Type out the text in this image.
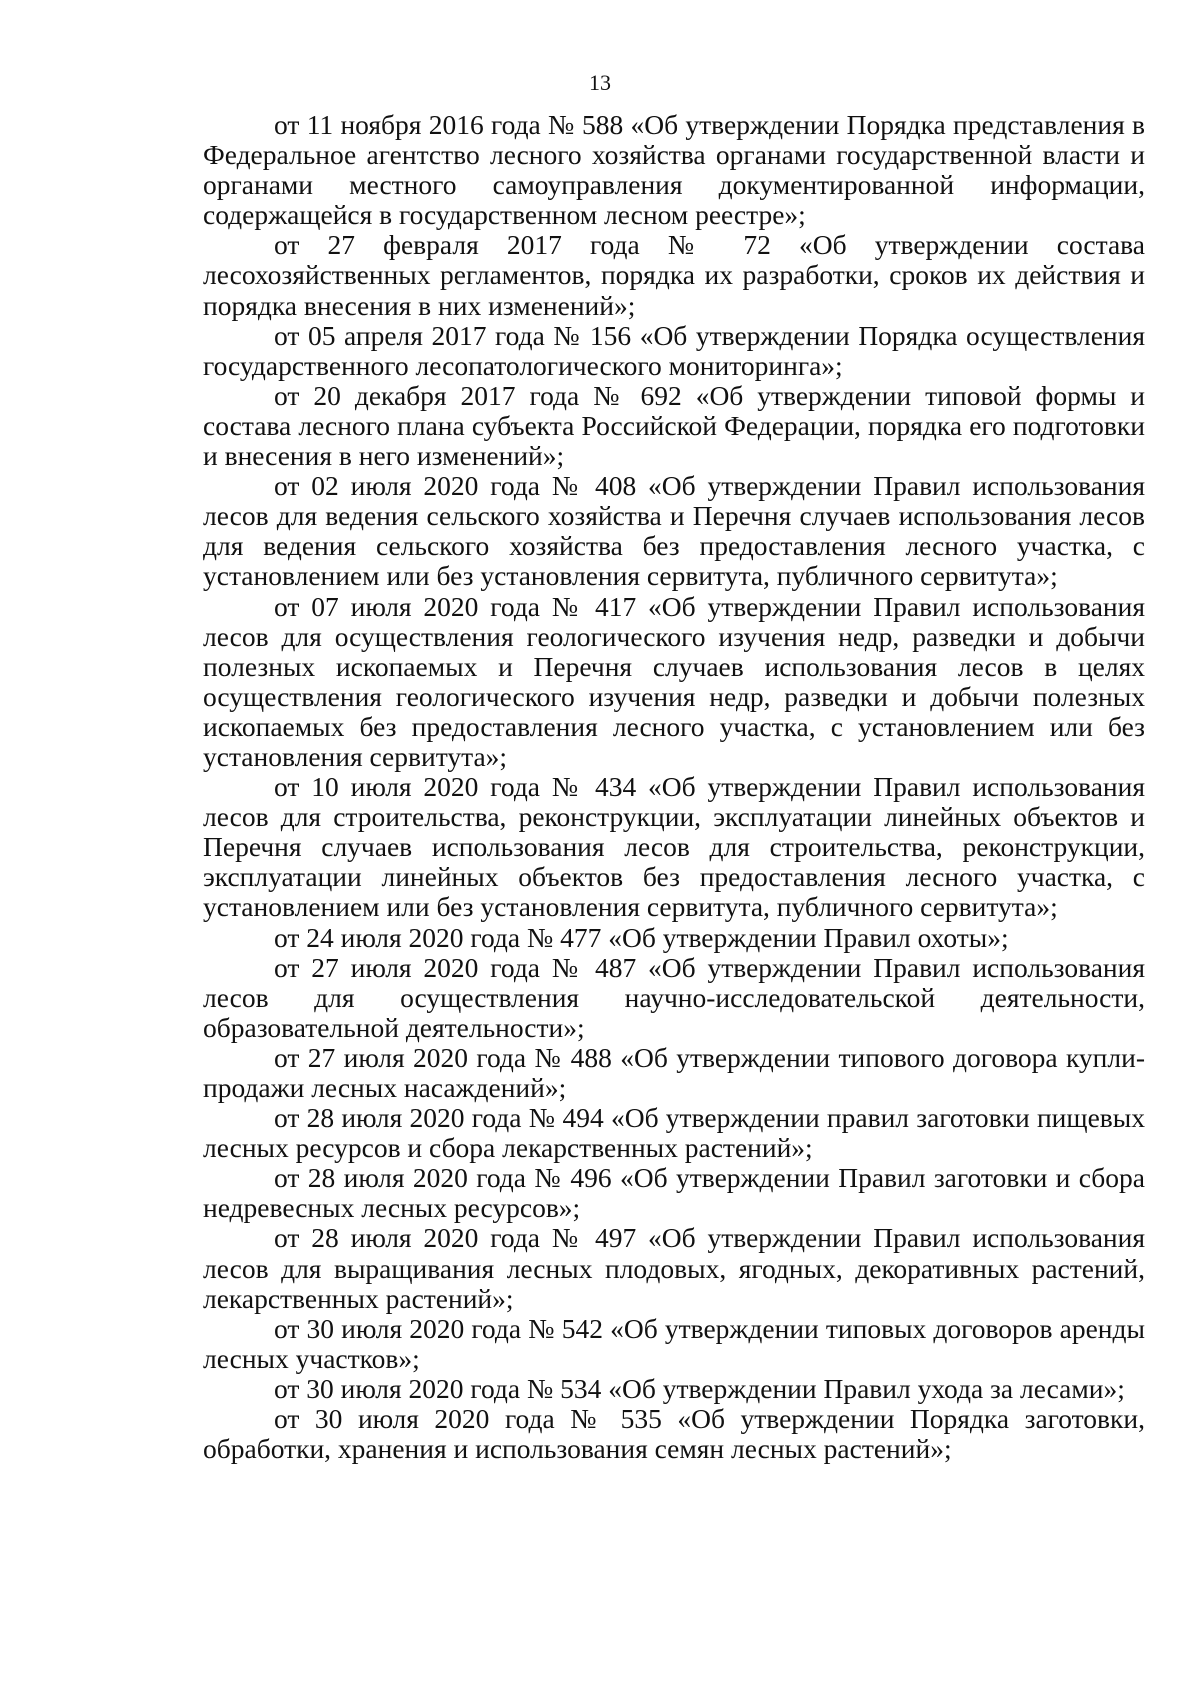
13

от 11 ноября 2016 года № 588 «Об утверждении Порядка представления в Федеральное агентство лесного хозяйства органами государственной власти и органами местного самоуправления документированной информации, содержащейся в государственном лесном реестре»;

от 27 февраля 2017 года № 72 «Об утверждении состава лесохозяйственных регламентов, порядка их разработки, сроков их действия и порядка внесения в них изменений»;

от 05 апреля 2017 года № 156 «Об утверждении Порядка осуществления государственного лесопатологического мониторинга»;

от 20 декабря 2017 года № 692 «Об утверждении типовой формы и состава лесного плана субъекта Российской Федерации, порядка его подготовки и внесения в него изменений»;

от 02 июля 2020 года № 408 «Об утверждении Правил использования лесов для ведения сельского хозяйства и Перечня случаев использования лесов для ведения сельского хозяйства без предоставления лесного участка, с установлением или без установления сервитута, публичного сервитута»;

от 07 июля 2020 года № 417 «Об утверждении Правил использования лесов для осуществления геологического изучения недр, разведки и добычи полезных ископаемых и Перечня случаев использования лесов в целях осуществления геологического изучения недр, разведки и добычи полезных ископаемых без предоставления лесного участка, с установлением или без установления сервитута»;

от 10 июля 2020 года № 434 «Об утверждении Правил использования лесов для строительства, реконструкции, эксплуатации линейных объектов и Перечня случаев использования лесов для строительства, реконструкции, эксплуатации линейных объектов без предоставления лесного участка, с установлением или без установления сервитута, публичного сервитута»;

от 24 июля 2020 года № 477 «Об утверждении Правил охоты»;

от 27 июля 2020 года № 487 «Об утверждении Правил использования лесов для осуществления научно-исследовательской деятельности, образовательной деятельности»;

от 27 июля 2020 года № 488 «Об утверждении типового договора купли-продажи лесных насаждений»;

от 28 июля 2020 года № 494 «Об утверждении правил заготовки пищевых лесных ресурсов и сбора лекарственных растений»;

от 28 июля 2020 года № 496 «Об утверждении Правил заготовки и сбора недревесных лесных ресурсов»;

от 28 июля 2020 года № 497 «Об утверждении Правил использования лесов для выращивания лесных плодовых, ягодных, декоративных растений, лекарственных растений»;

от 30 июля 2020 года № 542 «Об утверждении типовых договоров аренды лесных участков»;

от 30 июля 2020 года № 534 «Об утверждении Правил ухода за лесами»;

от 30 июля 2020 года № 535 «Об утверждении Порядка заготовки, обработки, хранения и использования семян лесных растений»;
